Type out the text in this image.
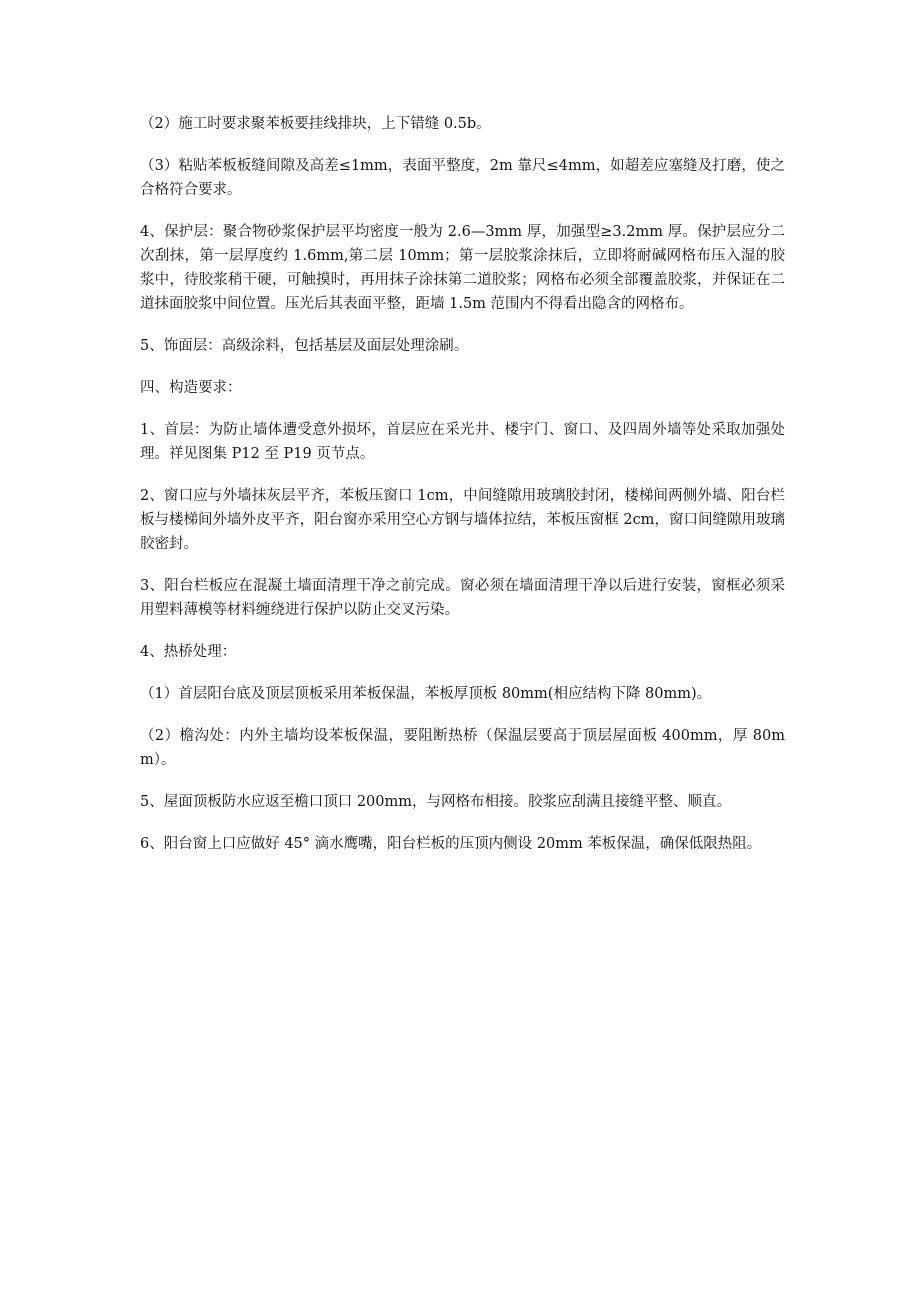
（2）施工时要求聚苯板要挂线排块，上下错缝 0.5b。

（3）粘贴苯板板缝间隙及高差≤1mm，表面平整度，2m 靠尺≤4mm，如超差应塞缝及打磨，使之合格符合要求。

4、保护层：聚合物砂浆保护层平均密度一般为 2.6—3mm 厚，加强型≥3.2mm 厚。保护层应分二次刮抹，第一层厚度约 1.6mm,第二层 10mm；第一层胶浆涂抹后，立即将耐碱网格布压入湿的胶浆中，待胶浆稍干硬，可触摸时，再用抹子涂抹第二道胶浆；网格布必须全部覆盖胶浆，并保证在二道抹面胶浆中间位置。压光后其表面平整，距墙 1.5m 范围内不得看出隐含的网格布。

5、饰面层：高级涂料，包括基层及面层处理涂刷。

四、构造要求：

1、首层：为防止墙体遭受意外损坏，首层应在采光井、楼宇门、窗口、及四周外墙等处采取加强处理。祥见图集 P12 至 P19 页节点。

2、窗口应与外墙抹灰层平齐，苯板压窗口 1cm，中间缝隙用玻璃胶封闭，楼梯间两侧外墙、阳台栏板与楼梯间外墙外皮平齐，阳台窗亦采用空心方钢与墙体拉结，苯板压窗框 2cm，窗口间缝隙用玻璃胶密封。

3、阳台栏板应在混凝土墙面清理干净之前完成。窗必须在墙面清理干净以后进行安装，窗框必须采用塑料薄模等材料缠绕进行保护以防止交叉污染。

4、热桥处理：

（1）首层阳台底及顶层顶板采用苯板保温，苯板厚顶板 80mm(相应结构下降 80mm)。

（2）檐沟处：内外主墙均设苯板保温，要阻断热桥（保温层要高于顶层屋面板 400mm，厚 80mm）。

5、屋面顶板防水应返至檐口顶口 200mm，与网格布相接。胶浆应刮满且接缝平整、顺直。

6、阳台窗上口应做好 45° 滴水鹰嘴，阳台栏板的压顶内侧设 20mm 苯板保温，确保低限热阻。
